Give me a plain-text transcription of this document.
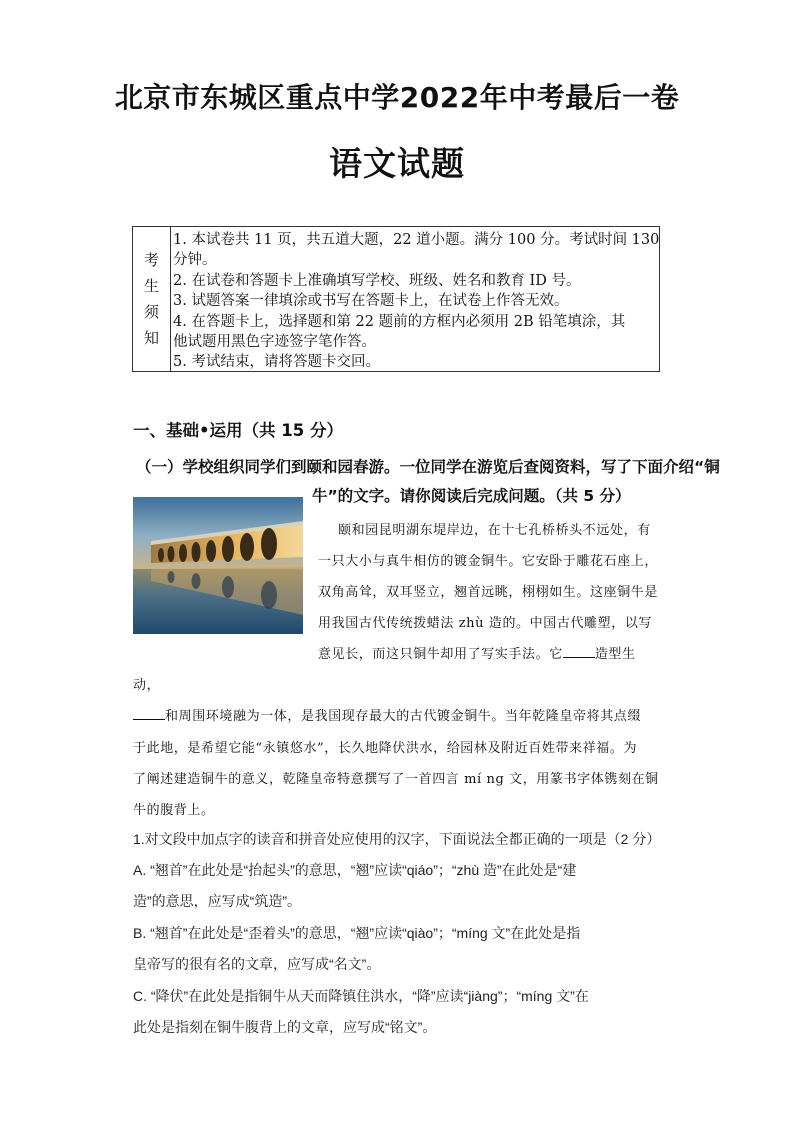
北京市东城区重点中学2022年中考最后一卷
语文试题
考
生
须
知
1. 本试卷共 11 页，共五道大题，22 道小题。满分 100 分。考试时间 130
分钟。
2. 在试卷和答题卡上准确填写学校、班级、姓名和教育 ID 号。
3. 试题答案一律填涂或书写在答题卡上，在试卷上作答无效。
4. 在答题卡上，选择题和第 22 题前的方框内必须用 2B 铅笔填涂，其
他试题用黑色字迹签字笔作答。
5. 考试结束，请将答题卡交回。
一、基础•运用（共 15 分）
（一）学校组织同学们到颐和园春游。一位同学在游览后查阅资料，写了下面介绍“铜
牛”的文字。请你阅读后完成问题。（共 5 分）
颐和园昆明湖东堤岸边，在十七孔桥桥头不远处，有
一只大小与真牛相仿的镀金铜牛。它安卧于雕花石座上，
双角高耸，双耳竖立，翘首远眺，栩栩如生。这座铜牛是
用我国古代传统拨蜡法 zhù 造的。中国古代雕塑，以写
意见长，而这只铜牛却用了写实手法。它 造型生
动，
和周围环境融为一体，是我国现存最大的古代镀金铜牛。当年乾隆皇帝将其点缀
于此地，是希望它能“永镇悠水”，长久地降伏洪水，给园林及附近百姓带来祥福。为
了阐述建造铜牛的意义，乾隆皇帝特意撰写了一首四言 mí ng 文，用篆书字体镌刻在铜
牛的腹背上。
1.对文段中加点字的读音和拼音处应使用的汉字，下面说法全都正确的一项是（2 分）
A. “翘首”在此处是“抬起头”的意思，“翘”应读“qiáo”；“zhù 造”在此处是“建
造”的意思，应写成“筑造”。
B. “翘首”在此处是“歪着头”的意思，“翘”应读“qiào”；“míng 文”在此处是指
皇帝写的很有名的文章，应写成“名文”。
C. “降伏”在此处是指铜牛从天而降镇住洪水，“降”应读“jiàng”；“míng 文”在
此处是指刻在铜牛腹背上的文章，应写成“铭文”。
